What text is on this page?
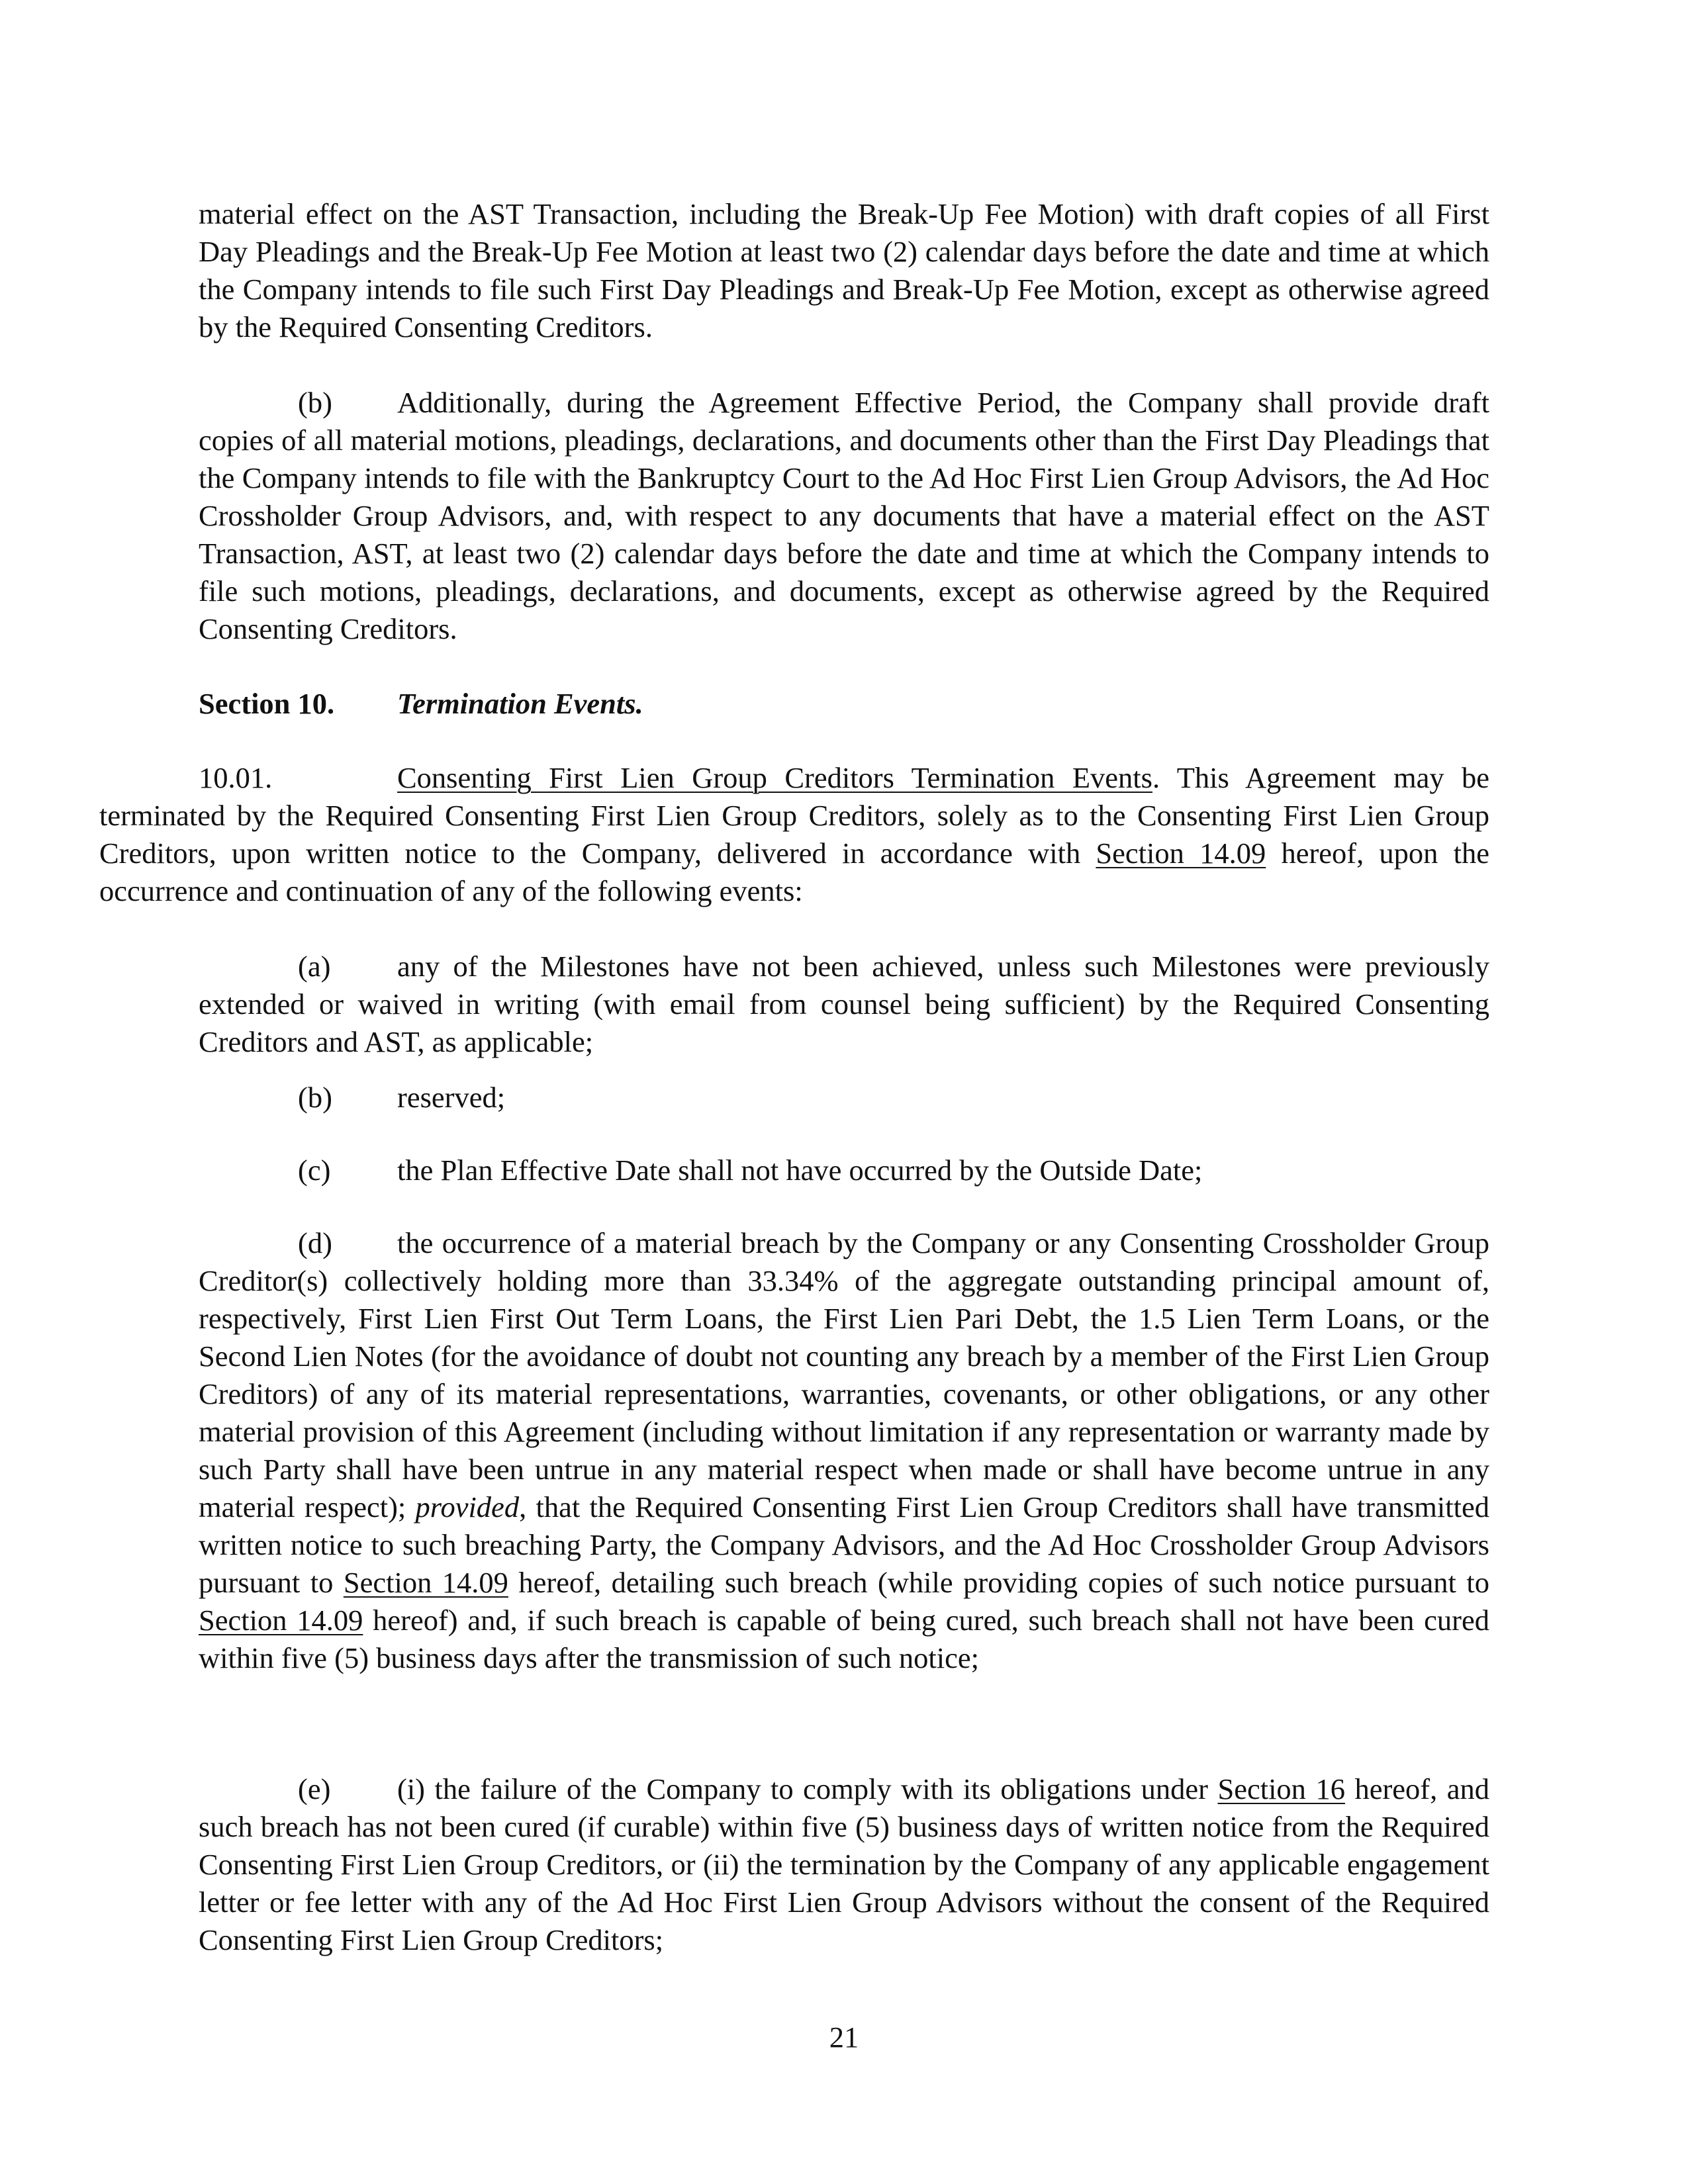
material effect on the AST Transaction, including the Break-Up Fee Motion) with draft copies of all First Day Pleadings and the Break-Up Fee Motion at least two (2) calendar days before the date and time at which the Company intends to file such First Day Pleadings and Break-Up Fee Motion, except as otherwise agreed by the Required Consenting Creditors.

(b) Additionally, during the Agreement Effective Period, the Company shall provide draft copies of all material motions, pleadings, declarations, and documents other than the First Day Pleadings that the Company intends to file with the Bankruptcy Court to the Ad Hoc First Lien Group Advisors, the Ad Hoc Crossholder Group Advisors, and, with respect to any documents that have a material effect on the AST Transaction, AST, at least two (2) calendar days before the date and time at which the Company intends to file such motions, pleadings, declarations, and documents, except as otherwise agreed by the Required Consenting Creditors.

Section 10. Termination Events.

10.01.	Consenting First Lien Group Creditors Termination Events. This Agreement may be terminated by the Required Consenting First Lien Group Creditors, solely as to the Consenting First Lien Group Creditors, upon written notice to the Company, delivered in accordance with Section 14.09 hereof, upon the occurrence and continuation of any of the following events:

(a) any of the Milestones have not been achieved, unless such Milestones were previously extended or waived in writing (with email from counsel being sufficient) by the Required Consenting Creditors and AST, as applicable;

(b) reserved;

(c) the Plan Effective Date shall not have occurred by the Outside Date;

(d) the occurrence of a material breach by the Company or any Consenting Crossholder Group Creditor(s) collectively holding more than 33.34% of the aggregate outstanding principal amount of, respectively, First Lien First Out Term Loans, the First Lien Pari Debt, the 1.5 Lien Term Loans, or the Second Lien Notes (for the avoidance of doubt not counting any breach by a member of the First Lien Group Creditors) of any of its material representations, warranties, covenants, or other obligations, or any other material provision of this Agreement (including without limitation if any representation or warranty made by such Party shall have been untrue in any material respect when made or shall have become untrue in any material respect); provided, that the Required Consenting First Lien Group Creditors shall have transmitted written notice to such breaching Party, the Company Advisors, and the Ad Hoc Crossholder Group Advisors pursuant to Section 14.09 hereof, detailing such breach (while providing copies of such notice pursuant to Section 14.09 hereof) and, if such breach is capable of being cured, such breach shall not have been cured within five (5) business days after the transmission of such notice;

(e) (i) the failure of the Company to comply with its obligations under Section 16 hereof, and such breach has not been cured (if curable) within five (5) business days of written notice from the Required Consenting First Lien Group Creditors, or (ii) the termination by the Company of any applicable engagement letter or fee letter with any of the Ad Hoc First Lien Group Advisors without the consent of the Required Consenting First Lien Group Creditors;

21
